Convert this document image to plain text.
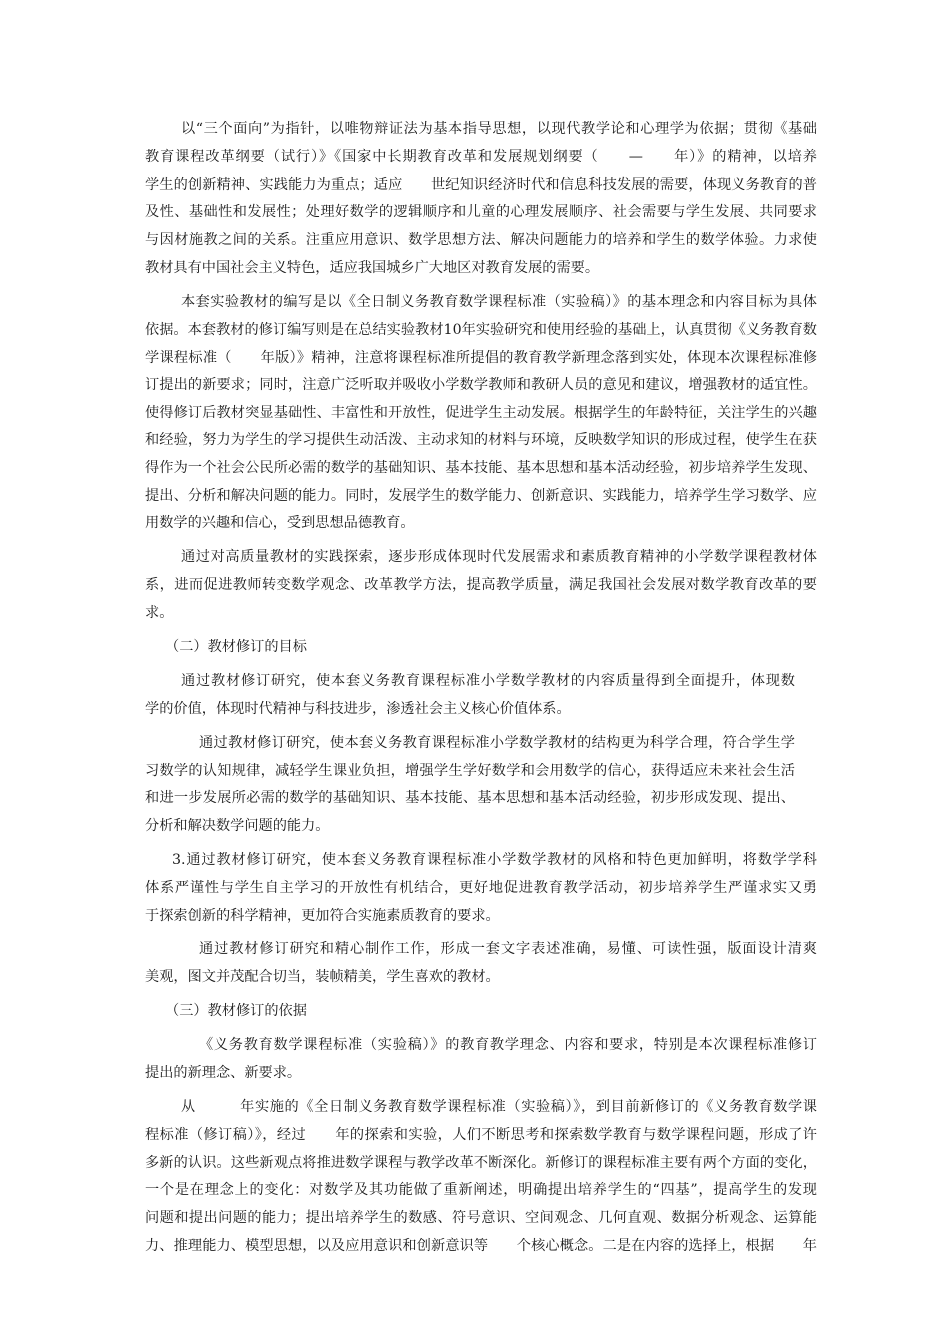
以“三个面向”为指针，以唯物辩证法为基本指导思想，以现代教学论和心理学为依据；贯彻《基础
教育课程改革纲要（试行）》《国家中长期教育改革和发展规划纲要（　　—　　年）》的精神，以培养
学生的创新精神、实践能力为重点；适应　　世纪知识经济时代和信息科技发展的需要，体现义务教育的普
及性、基础性和发展性；处理好数学的逻辑顺序和儿童的心理发展顺序、社会需要与学生发展、共同要求
与因材施教之间的关系。注重应用意识、数学思想方法、解决问题能力的培养和学生的数学体验。力求使
教材具有中国社会主义特色，适应我国城乡广大地区对教育发展的需要。
本套实验教材的编写是以《全日制义务教育数学课程标准（实验稿）》的基本理念和内容目标为具体
依据。本套教材的修订编写则是在总结实验教材10年实验研究和使用经验的基础上，认真贯彻《义务教育数
学课程标准（　　年版）》精神，注意将课程标准所提倡的教育教学新理念落到实处，体现本次课程标准修
订提出的新要求；同时，注意广泛听取并吸收小学数学教师和教研人员的意见和建议，增强教材的适宜性。
使得修订后教材突显基础性、丰富性和开放性，促进学生主动发展。根据学生的年龄特征，关注学生的兴趣
和经验，努力为学生的学习提供生动活泼、主动求知的材料与环境，反映数学知识的形成过程，使学生在获
得作为一个社会公民所必需的数学的基础知识、基本技能、基本思想和基本活动经验，初步培养学生发现、
提出、分析和解决问题的能力。同时，发展学生的数学能力、创新意识、实践能力，培养学生学习数学、应
用数学的兴趣和信心，受到思想品德教育。
通过对高质量教材的实践探索，逐步形成体现时代发展需求和素质教育精神的小学数学课程教材体
系，进而促进教师转变数学观念、改革教学方法，提高教学质量，满足我国社会发展对数学教育改革的要
求。
（二）教材修订的目标
通过教材修订研究，使本套义务教育课程标准小学数学教材的内容质量得到全面提升，体现数
学的价值，体现时代精神与科技进步，渗透社会主义核心价值体系。
通过教材修订研究，使本套义务教育课程标准小学数学教材的结构更为科学合理，符合学生学
习数学的认知规律，减轻学生课业负担，增强学生学好数学和会用数学的信心，获得适应未来社会生活
和进一步发展所必需的数学的基础知识、基本技能、基本思想和基本活动经验，初步形成发现、提出、
分析和解决数学问题的能力。
3.通过教材修订研究，使本套义务教育课程标准小学数学教材的风格和特色更加鲜明，将数学学科
体系严谨性与学生自主学习的开放性有机结合，更好地促进教育教学活动，初步培养学生严谨求实又勇
于探索创新的科学精神，更加符合实施素质教育的要求。
通过教材修订研究和精心制作工作，形成一套文字表述准确，易懂、可读性强，版面设计清爽
美观，图文并茂配合切当，装帧精美，学生喜欢的教材。
（三）教材修订的依据
《义务教育数学课程标准（实验稿）》的教育教学理念、内容和要求，特别是本次课程标准修订
提出的新理念、新要求。
从　　　年实施的《全日制义务教育数学课程标准（实验稿）》，到目前新修订的《义务教育数学课
程标准（修订稿）》，经过　　年的探索和实验，人们不断思考和探索数学教育与数学课程问题，形成了许
多新的认识。这些新观点将推进数学课程与教学改革不断深化。新修订的课程标准主要有两个方面的变化，
一个是在理念上的变化：对数学及其功能做了重新阐述，明确提出培养学生的“四基”，提高学生的发现
问题和提出问题的能力；提出培养学生的数感、符号意识、空间观念、几何直观、数据分析观念、运算能
力、推理能力、模型思想，以及应用意识和创新意识等　　个核心概念。二是在内容的选择上，根据　　年
